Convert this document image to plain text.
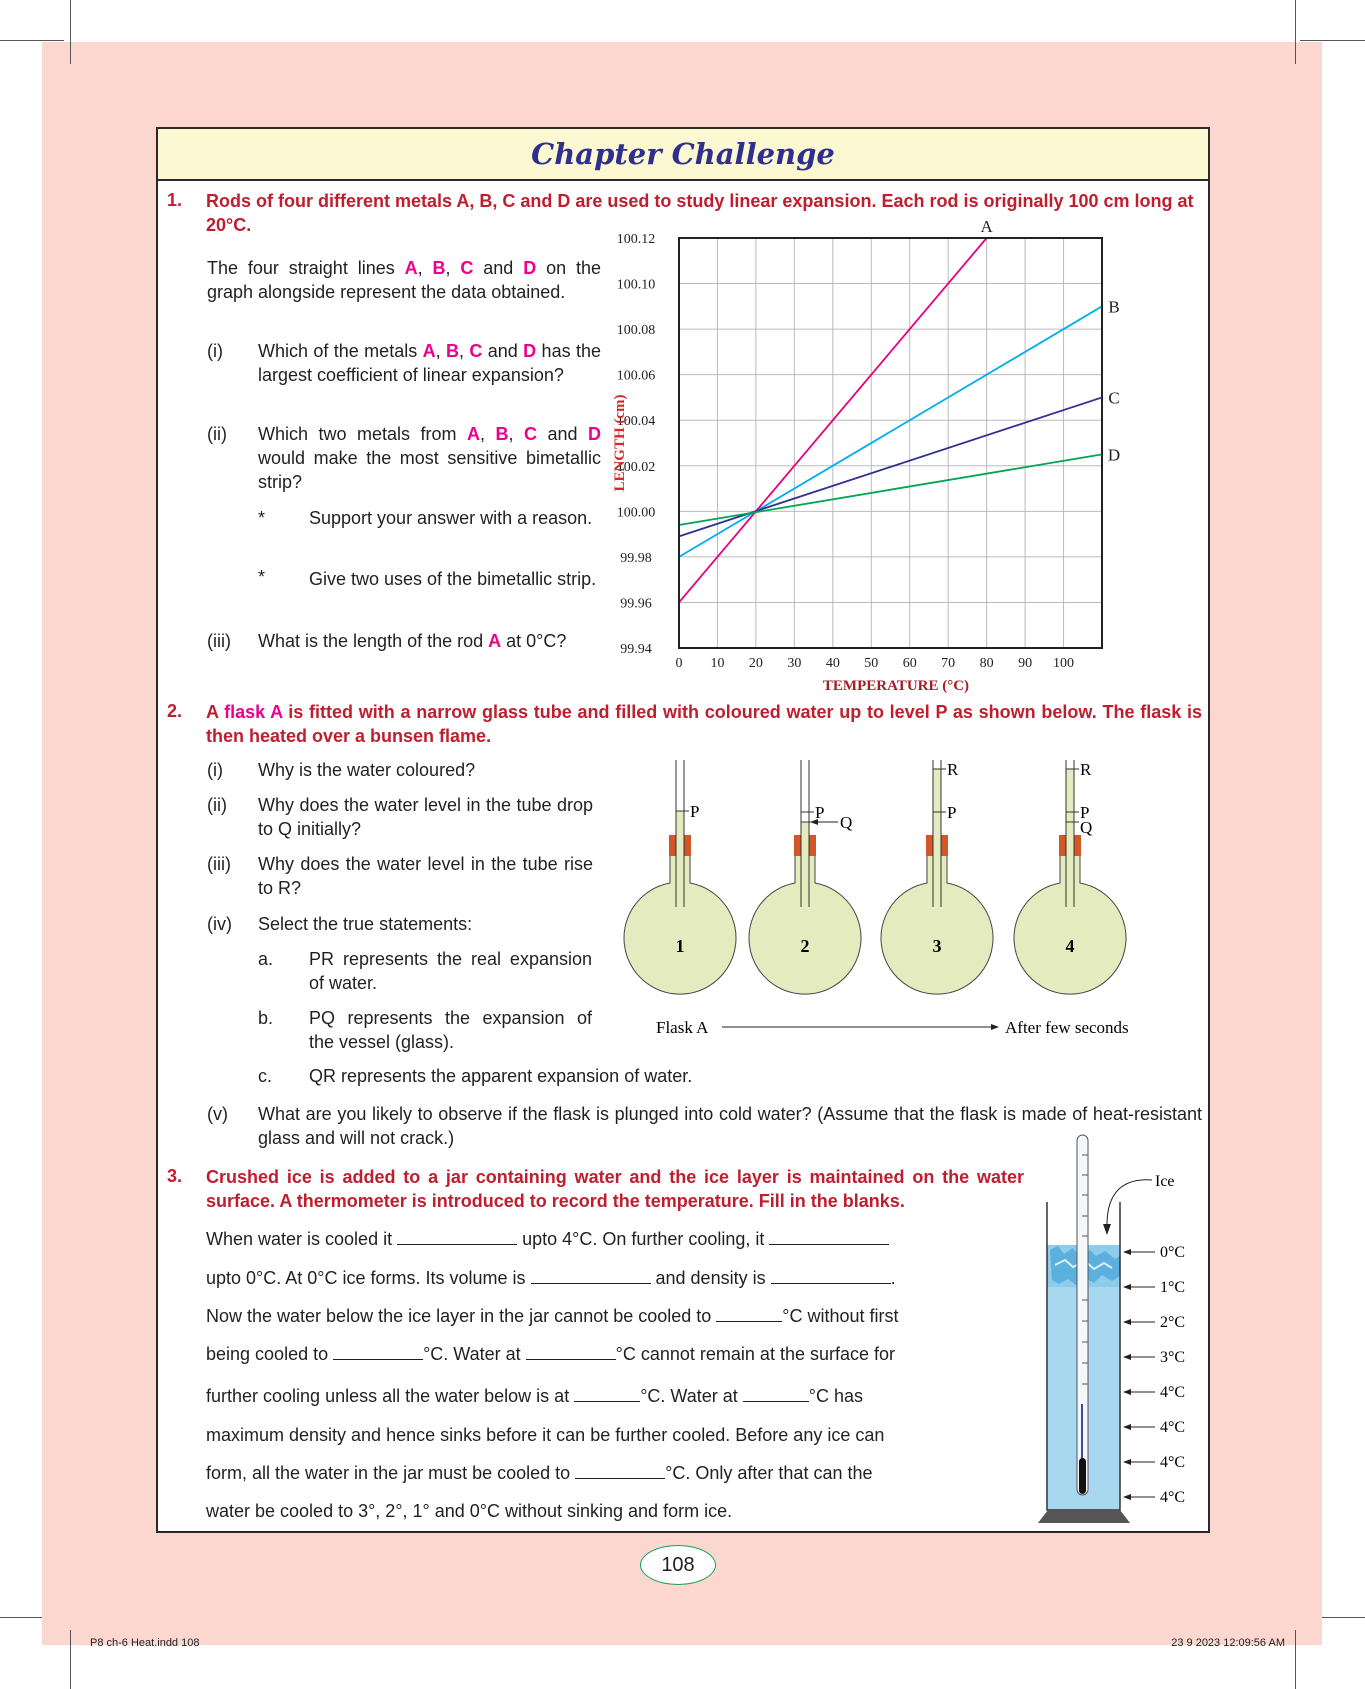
Chapter Challenge
1. Rods of four different metals A, B, C and D are used to study linear expansion. Each rod is originally 100 cm long at 20°C.
The four straight lines A, B, C and D on the graph alongside represent the data obtained.
(i) Which of the metals A, B, C and D has the largest coefficient of linear expansion?
(ii) Which two metals from A, B, C and D would make the most sensitive bimetallic strip?
* Support your answer with a reason.
* Give two uses of the bimetallic strip.
(iii) What is the length of the rod A at 0°C?
0 10 20 30 40 50 60 70 80 90 100
99.94
99.96
99.98
100.00
100.02
100.04
100.06
100.08
100.10
100.12
A
B
C
D
TEMPERATURE (°C)
LENGTH (cm)
2. A flask A is fitted with a narrow glass tube and filled with coloured water up to level P as shown below. The flask is then heated over a bunsen flame.
(i) Why is the water coloured?
(ii) Why does the water level in the tube drop to Q initially?
(iii) Why does the water level in the tube rise to R?
(iv) Select the true statements:
a. PR represents the real expansion of water.
b. PQ represents the expansion of the vessel (glass).
c. QR represents the apparent expansion of water.
(v) What are you likely to observe if the flask is plunged into cold water? (Assume that the flask is made of heat-resistant glass and will not crack.)
1
P
2
P
Q
3
R
P
4
R
P
Q
Flask A	After few seconds
3. Crushed ice is added to a jar containing water and the ice layer is maintained on the water surface. A thermometer is introduced to record the temperature. Fill in the blanks.
When water is cooled it	upto 4°C. On further cooling, it
upto 0°C. At 0°C ice forms. Its volume is	and density is	.
Now the water below the ice layer in the jar cannot be cooled to	°C without first
being cooled to	°C. Water at	°C cannot remain at the surface for
further cooling unless all the water below is at	°C. Water at	°C has
maximum density and hence sinks before it can be further cooled. Before any ice can
form, all the water in the jar must be cooled to	°C. Only after that can the
water be cooled to 3°, 2°, 1° and 0°C without sinking and form ice.
Ice
0°C
1°C
2°C
3°C
4°C
4°C
4°C
4°C
108
P8 ch-6 Heat.indd 108	23 9 2023 12:09:56 AM
